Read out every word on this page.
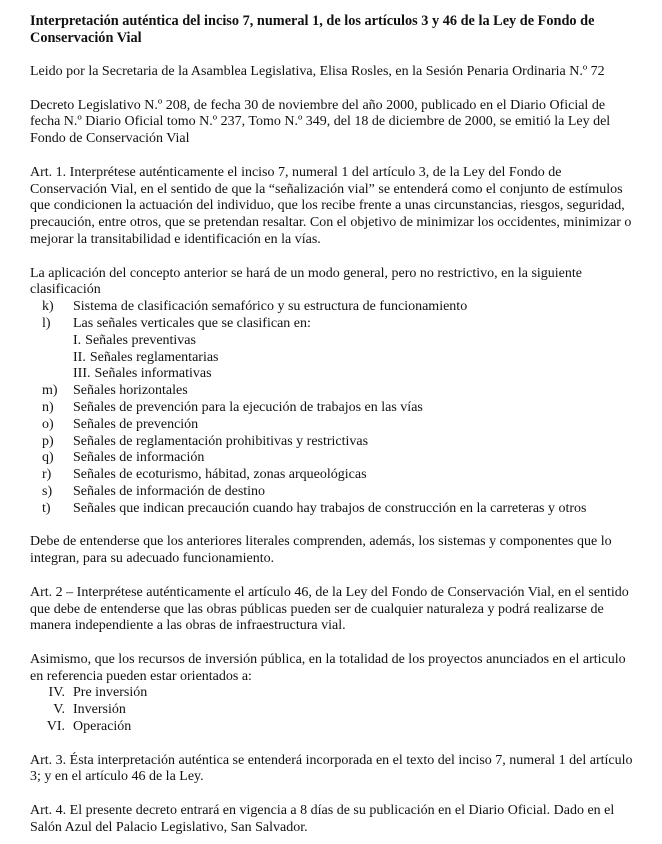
Interpretación auténtica del inciso 7, numeral 1, de los artículos 3 y 46 de la Ley de Fondo de Conservación Vial

Leido por la Secretaria de la Asamblea Legislativa, Elisa Rosles, en la Sesión Penaria Ordinaria N.º 72

Decreto Legislativo N.º 208, de fecha 30 de noviembre del año 2000, publicado en el Diario Oficial de fecha N.º Diario Oficial tomo N.º 237, Tomo N.º 349, del 18 de diciembre de 2000, se emitió la Ley del Fondo de Conservación Vial

Art. 1. Interprétese auténticamente el inciso 7, numeral 1 del artículo 3, de la Ley del Fondo de Conservación Vial, en el sentido de que la “señalización vial” se entenderá como el conjunto de estímulos que condicionen la actuación del individuo, que los recibe frente a unas circunstancias, riesgos, seguridad, precaución, entre otros, que se pretendan resaltar. Con el objetivo de minimizar los occidentes, minimizar o mejorar la transitabilidad e identificación en la vías.

La aplicación del concepto anterior se hará de un modo general, pero no restrictivo, en la siguiente clasificación
k)	Sistema de clasificación semafórico y su estructura de funcionamiento
l)	Las señales verticales que se clasifican en:
I. Señales preventivas
II. Señales reglamentarias
III. Señales informativas
m)	Señales horizontales
n)	Señales de prevención para la ejecución de trabajos en las vías
o)	Señales de prevención
p)	Señales de reglamentación prohibitivas y restrictivas
q)	Señales de información
r)	Señales de ecoturismo, hábitad, zonas arqueológicas
s)	Señales de información de destino
t)	Señales que indican precaución cuando hay trabajos de construcción en la carreteras y otros

Debe de entenderse que los anteriores literales comprenden, además, los sistemas y componentes que lo integran, para su adecuado funcionamiento.

Art. 2 – Interprétese auténticamente el artículo 46, de la Ley del Fondo de Conservación Vial, en el sentido que debe de entenderse que las obras públicas pueden ser de cualquier naturaleza y podrá realizarse de manera independiente a las obras de infraestructura vial.

Asimismo, que los recursos de inversión pública, en la totalidad de los proyectos anunciados en el articulo en referencia pueden estar orientados a:
IV. Pre inversión
V. Inversión
VI. Operación

Art. 3. Ésta interpretación auténtica se entenderá incorporada en el texto del inciso 7, numeral 1 del artículo 3; y en el artículo 46 de la Ley.

Art. 4. El presente decreto entrará en vigencia a 8 días de su publicación en el Diario Oficial. Dado en el Salón Azul del Palacio Legislativo, San Salvador.
